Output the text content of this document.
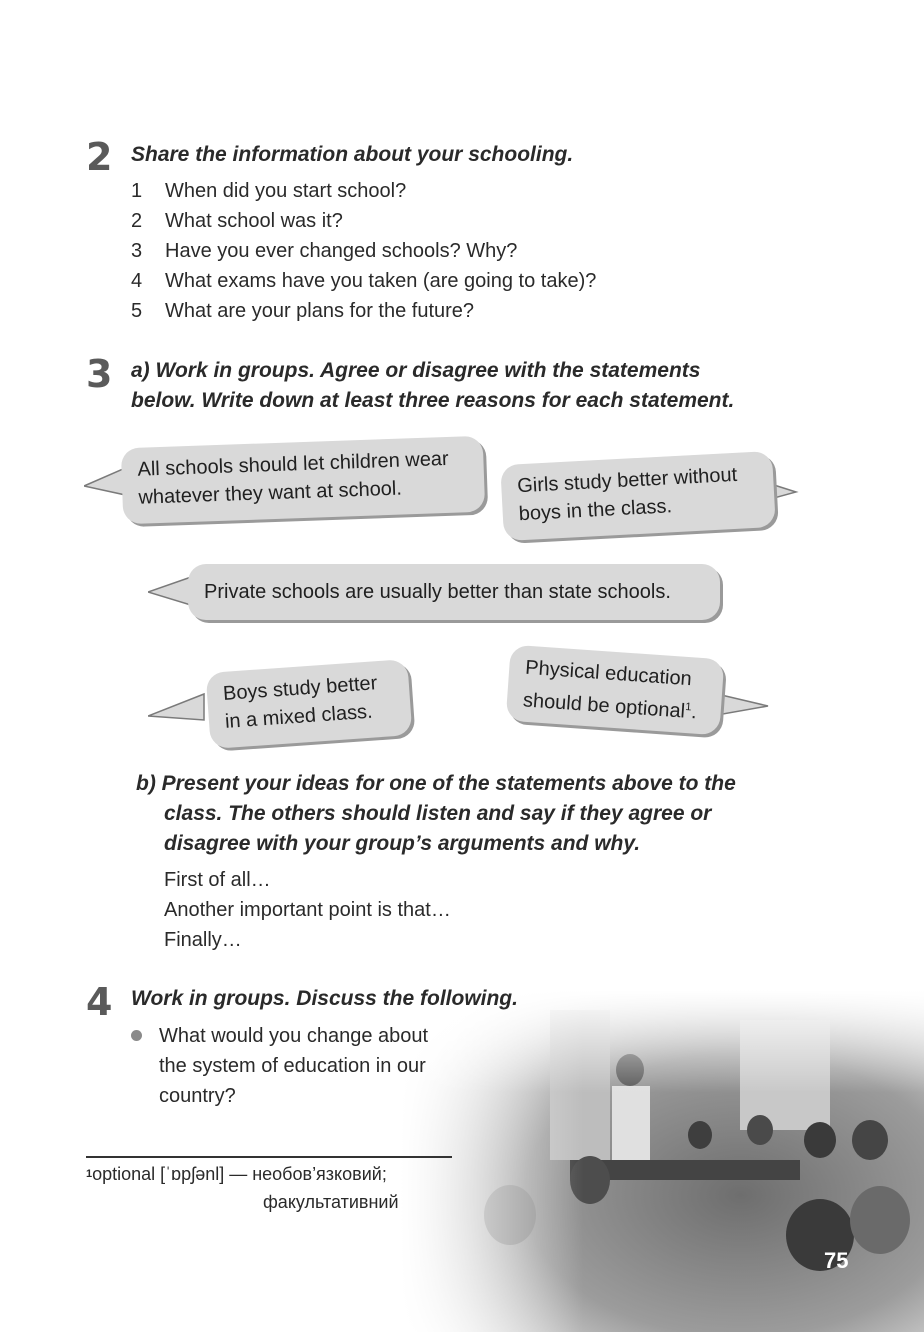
2 Share the information about your schooling.
1	When did you start school?
2	What school was it?
3	Have you ever changed schools? Why?
4	What exams have you taken (are going to take)?
5	What are your plans for the future?
3 a) Work in groups. Agree or disagree with the statements
below. Write down at least three reasons for each statement.
All schools should let children wear
whatever they want at school.	Girls study better without
boys in the class.
Private schools are usually better than state schools.
Boys study better
in a mixed class.
Physical education
should be optional$^1$.
b) Present your ideas for one of the statements above to the
class. The others should listen and say if they agree or
disagree with your group’s arguments and why.
First of all…
Another important point is that…
Finally…
4 Work in groups. Discuss the following.
What would you change about the system of education in our country?
$^1$optional [ˈɒpʃənl] — необов’язковий;
факультативний
75
